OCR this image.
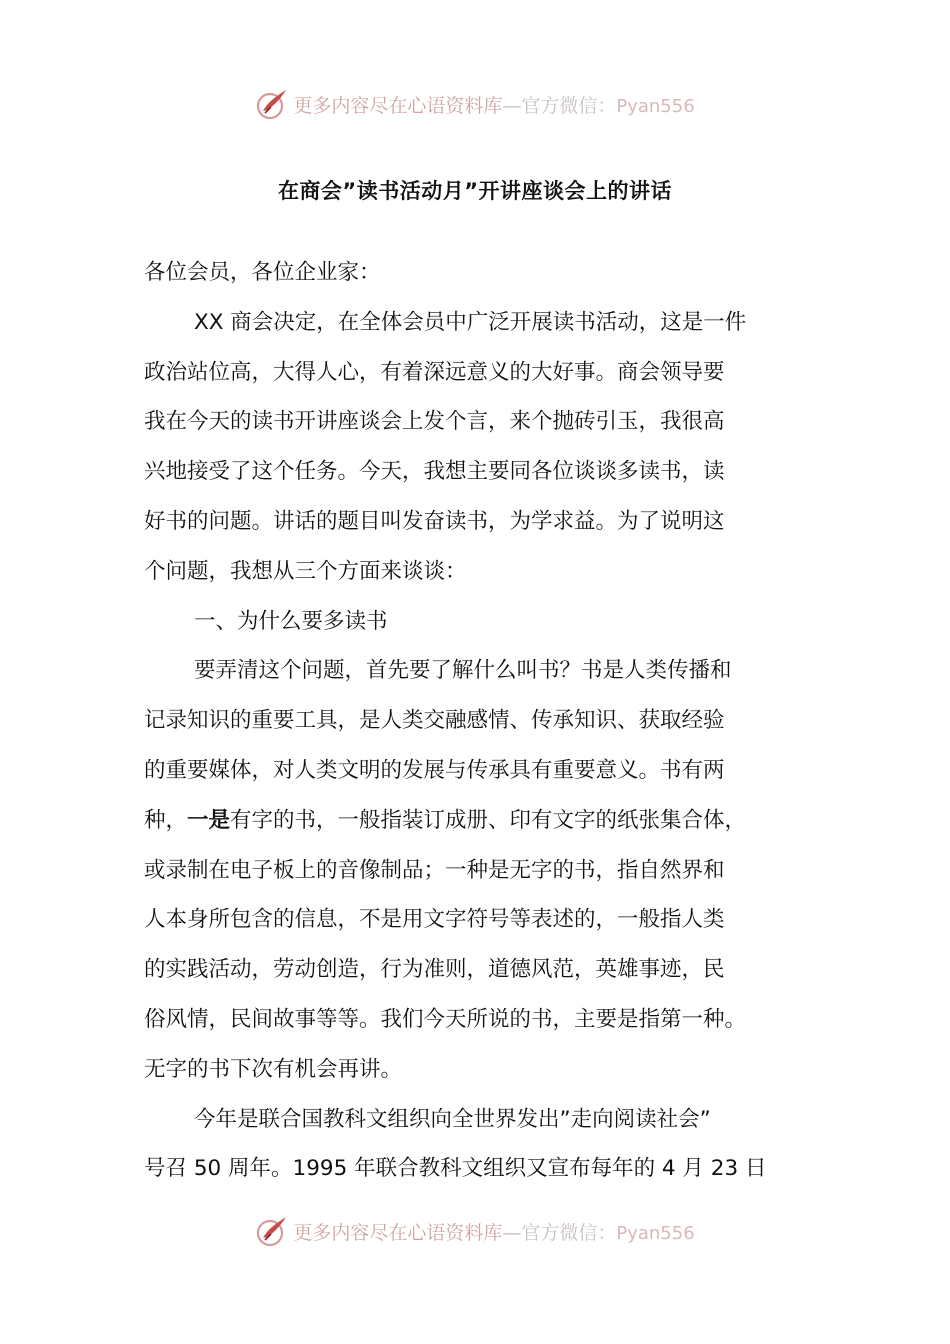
更多内容尽在心语资料库—官方微信：Pyan556
在商会”读书活动月”开讲座谈会上的讲话
各位会员，各位企业家：
XX 商会决定，在全体会员中广泛开展读书活动，这是一件
政治站位高，大得人心，有着深远意义的大好事。商会领导要
我在今天的读书开讲座谈会上发个言，来个抛砖引玉，我很高
兴地接受了这个任务。今天，我想主要同各位谈谈多读书，读
好书的问题。讲话的题目叫发奋读书，为学求益。为了说明这
个问题，我想从三个方面来谈谈：
一、为什么要多读书
要弄清这个问题，首先要了解什么叫书？书是人类传播和
记录知识的重要工具，是人类交融感情、传承知识、获取经验
的重要媒体，对人类文明的发展与传承具有重要意义。书有两
种，一是有字的书，一般指装订成册、印有文字的纸张集合体，
或录制在电子板上的音像制品；一种是无字的书，指自然界和
人本身所包含的信息，不是用文字符号等表述的，一般指人类
的实践活动，劳动创造，行为准则，道德风范，英雄事迹，民
俗风情，民间故事等等。我们今天所说的书，主要是指第一种。
无字的书下次有机会再讲。
今年是联合国教科文组织向全世界发出”走向阅读社会”
号召 50 周年。1995 年联合教科文组织又宣布每年的 4 月 23 日
更多内容尽在心语资料库—官方微信：Pyan556
